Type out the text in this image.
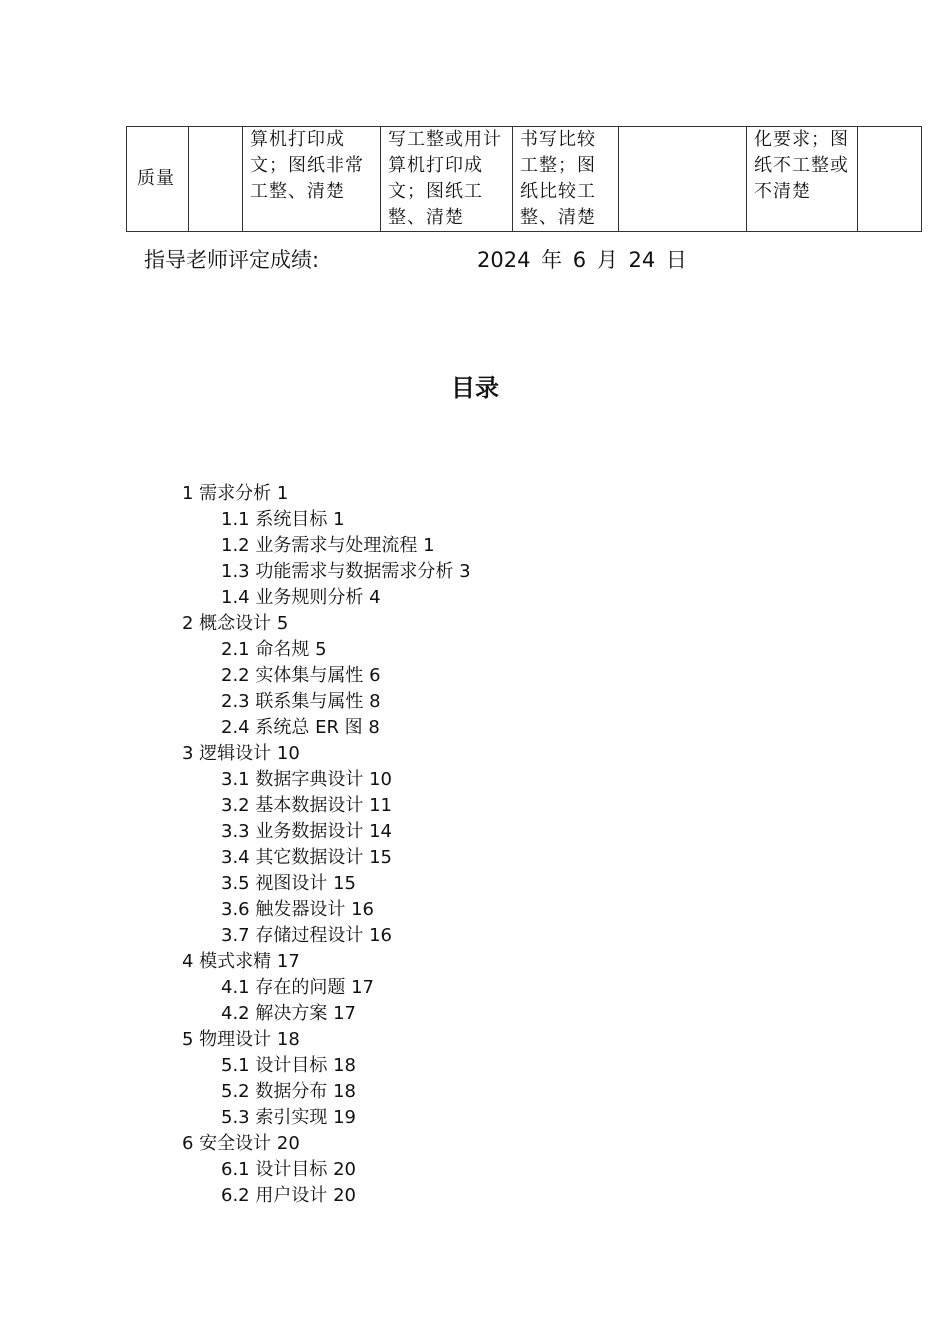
质量		算机打印成文；图纸非常工整、清楚	写工整或用计算机打印成文；图纸工整、清楚	书写比较工整；图纸比较工整、清楚		化要求；图纸不工整或不清楚	
指导老师评定成绩:	2024 年 6 月 24 日
目录
1 需求分析 1
1.1 系统目标 1
1.2 业务需求与处理流程 1
1.3 功能需求与数据需求分析 3
1.4 业务规则分析 4
2 概念设计 5
2.1 命名规 5
2.2 实体集与属性 6
2.3 联系集与属性 8
2.4 系统总 ER 图 8
3 逻辑设计 10
3.1 数据字典设计 10
3.2 基本数据设计 11
3.3 业务数据设计 14
3.4 其它数据设计 15
3.5 视图设计 15
3.6 触发器设计 16
3.7 存储过程设计 16
4 模式求精 17
4.1 存在的问题 17
4.2 解决方案 17
5 物理设计 18
5.1 设计目标 18
5.2 数据分布 18
5.3 索引实现 19
6 安全设计 20
6.1 设计目标 20
6.2 用户设计 20
